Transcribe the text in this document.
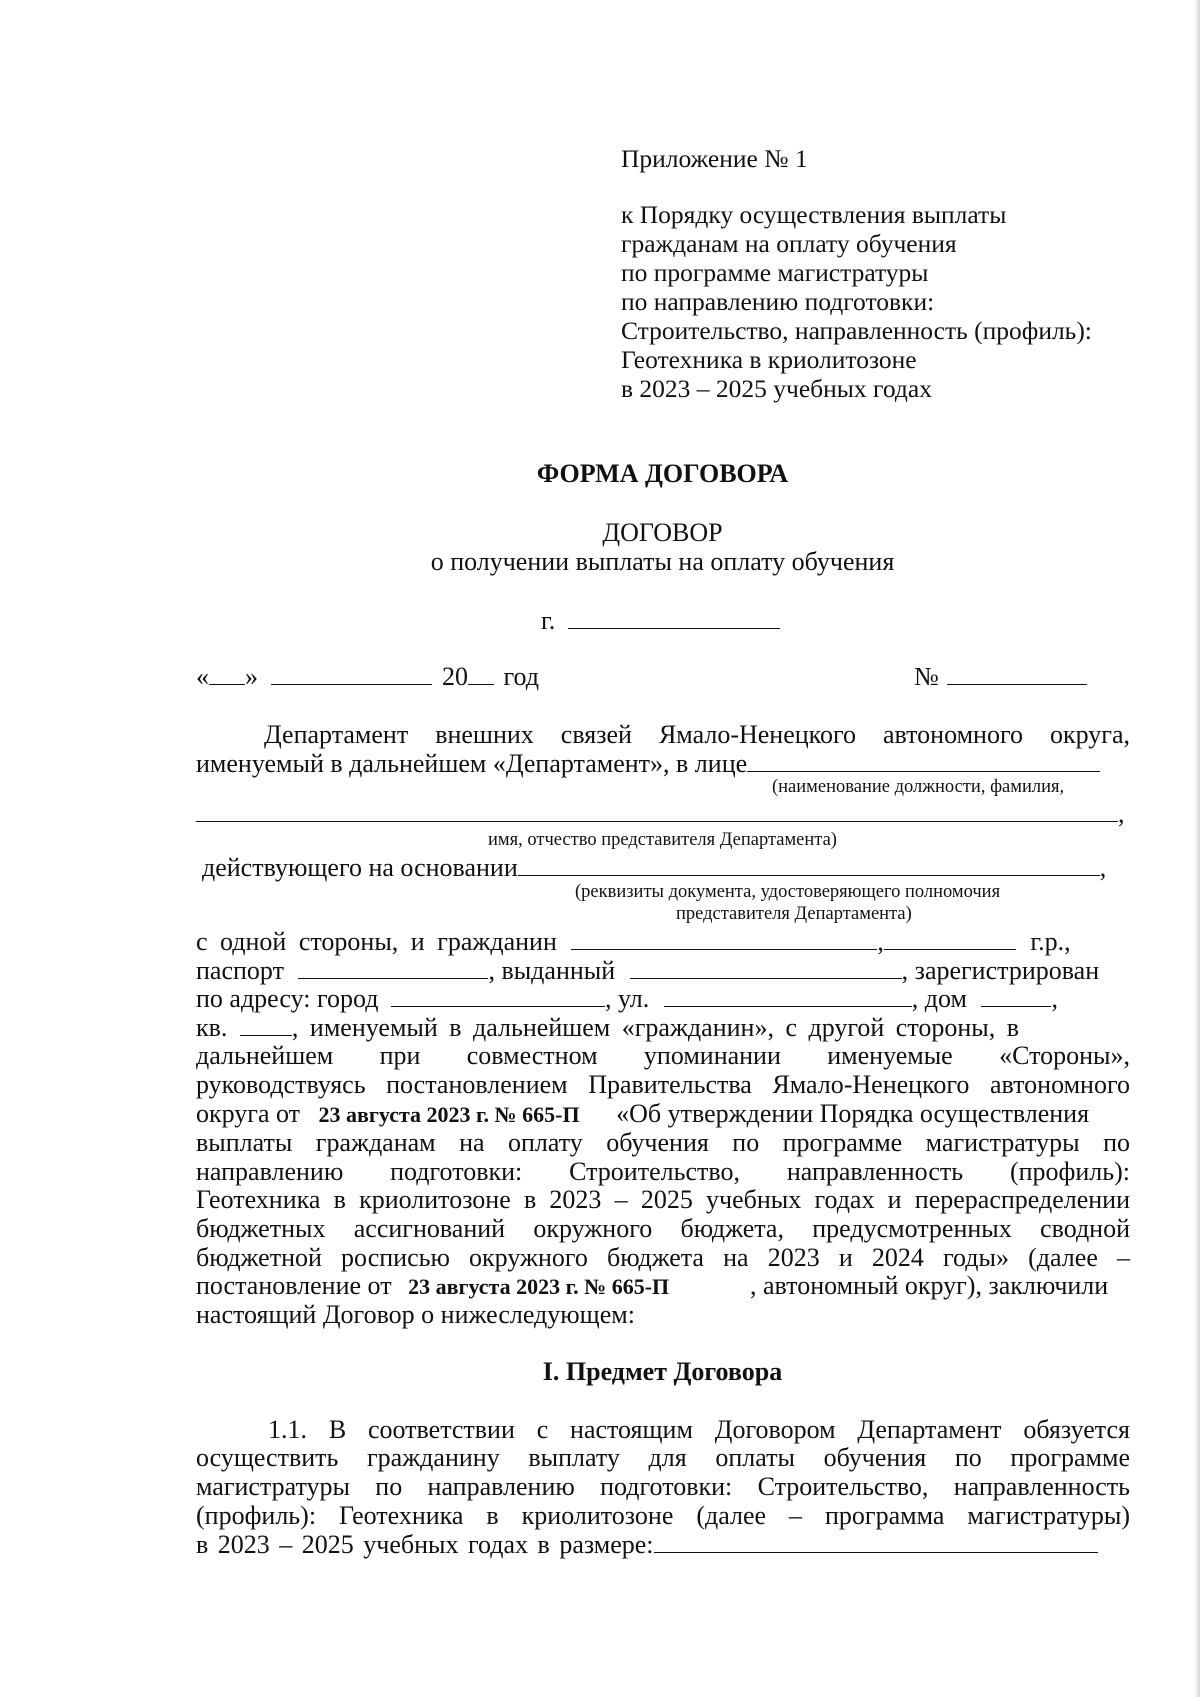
Приложение № 1
к Порядку осуществления выплаты
гражданам на оплату обучения
по программе магистратуры
по направлению подготовки:
Строительство, направленность (профиль):
Геотехника в криолитозоне
в 2023 – 2025 учебных годах
ФОРМА ДОГОВОРА
ДОГОВОР
о получении выплаты на оплату обучения
г.
« »	20 год	№
Департамент внешних связей Ямало-Ненецкого автономного округа,
именуемый в дальнейшем «Департамент», в лице
(наименование должности, фамилия,
,
имя, отчество представителя Департамента)
действующего на основании	,
(реквизиты документа, удостоверяющего полномочия
представителя Департамента)
с одной стороны, и гражданин	,	г.р.,
паспорт	, выданный	, зарегистрирован
по адресу: город	, ул.	, дом	,
кв. , именуемый в дальнейшем «гражданин», с другой стороны, в
дальнейшем при совместном упоминании именуемые «Стороны»,
руководствуясь постановлением Правительства Ямало-Ненецкого автономного
округа от 23 августа 2023 г. № 665-П «Об утверждении Порядка осуществления
выплаты гражданам на оплату обучения по программе магистратуры по
направлению подготовки: Строительство, направленность (профиль):
Геотехника в криолитозоне в 2023 – 2025 учебных годах и перераспределении
бюджетных ассигнований окружного бюджета, предусмотренных сводной
бюджетной росписью окружного бюджета на 2023 и 2024 годы» (далее –
постановление от 23 августа 2023 г. № 665-П	, автономный округ), заключили
настоящий Договор о нижеследующем:
I. Предмет Договора
1.1. В соответствии с настоящим Договором Департамент обязуется
осуществить гражданину выплату для оплаты обучения по программе
магистратуры по направлению подготовки: Строительство, направленность
(профиль): Геотехника в криолитозоне (далее – программа магистратуры)
в 2023 – 2025 учебных годах в размере:
